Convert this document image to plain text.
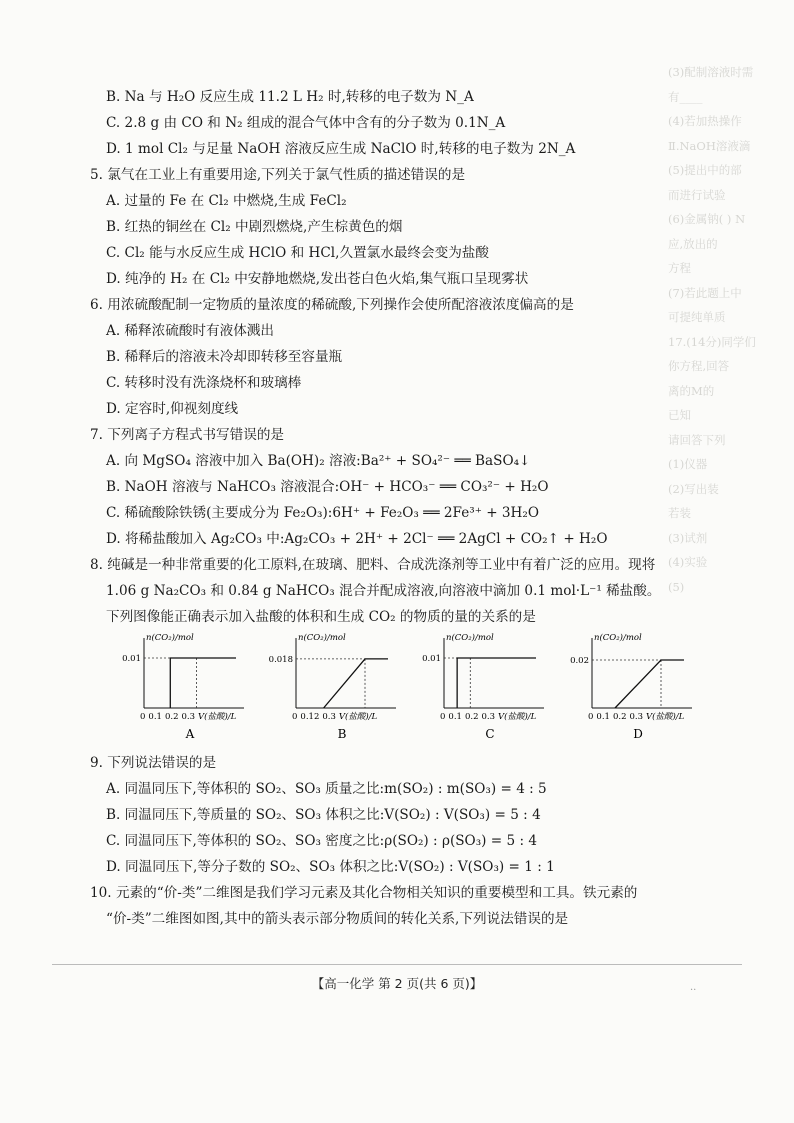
(3)配制溶液时需
有____
(4)若加热操作
Ⅱ.NaOH溶液滴
(5)提出中的部
而进行试验
(6)金属钠( ) N
应,放出的
方程
(7)若此题上中
可提纯单质
17.(14分)同学们
你方程,回答
离的M的
已知
请回答下列
(1)仪器
(2)写出装
若装
(3)试剂
(4)实验
(5)
B. Na 与 H₂O 反应生成 11.2 L H₂ 时,转移的电子数为 N_A
C. 2.8 g 由 CO 和 N₂ 组成的混合气体中含有的分子数为 0.1N_A
D. 1 mol Cl₂ 与足量 NaOH 溶液反应生成 NaClO 时,转移的电子数为 2N_A
5. 氯气在工业上有重要用途,下列关于氯气性质的描述错误的是
A. 过量的 Fe 在 Cl₂ 中燃烧,生成 FeCl₂
B. 红热的铜丝在 Cl₂ 中剧烈燃烧,产生棕黄色的烟
C. Cl₂ 能与水反应生成 HClO 和 HCl,久置氯水最终会变为盐酸
D. 纯净的 H₂ 在 Cl₂ 中安静地燃烧,发出苍白色火焰,集气瓶口呈现雾状
6. 用浓硫酸配制一定物质的量浓度的稀硫酸,下列操作会使所配溶液浓度偏高的是
A. 稀释浓硫酸时有液体溅出
B. 稀释后的溶液未冷却即转移至容量瓶
C. 转移时没有洗涤烧杯和玻璃棒
D. 定容时,仰视刻度线
7. 下列离子方程式书写错误的是
A. 向 MgSO₄ 溶液中加入 Ba(OH)₂ 溶液:Ba²⁺ + SO₄²⁻ ══ BaSO₄↓
B. NaOH 溶液与 NaHCO₃ 溶液混合:OH⁻ + HCO₃⁻ ══ CO₃²⁻ + H₂O
C. 稀硫酸除铁锈(主要成分为 Fe₂O₃):6H⁺ + Fe₂O₃ ══ 2Fe³⁺ + 3H₂O
D. 将稀盐酸加入 Ag₂CO₃ 中:Ag₂CO₃ + 2H⁺ + 2Cl⁻ ══ 2AgCl + CO₂↑ + H₂O
8. 纯碱是一种非常重要的化工原料,在玻璃、肥料、合成洗涤剂等工业中有着广泛的应用。现将
1.06 g Na₂CO₃ 和 0.84 g NaHCO₃ 混合并配成溶液,向溶液中滴加 0.1 mol·L⁻¹ 稀盐酸。
下列图像能正确表示加入盐酸的体积和生成 CO₂ 的物质的量的关系的是
n(CO₂)/mol
0.01
0 0.1 0.2 0.3 V(盐酸)/L
A
n(CO₂)/mol
0.018
0 0.12 0.3 V(盐酸)/L
B
n(CO₂)/mol
0.01
0 0.1 0.2 0.3 V(盐酸)/L
C
n(CO₂)/mol
0.02
0 0.1 0.2 0.3 V(盐酸)/L
D
9. 下列说法错误的是
A. 同温同压下,等体积的 SO₂、SO₃ 质量之比:m(SO₂) : m(SO₃) = 4 : 5
B. 同温同压下,等质量的 SO₂、SO₃ 体积之比:V(SO₂) : V(SO₃) = 5 : 4
C. 同温同压下,等体积的 SO₂、SO₃ 密度之比:ρ(SO₂) : ρ(SO₃) = 5 : 4
D. 同温同压下,等分子数的 SO₂、SO₃ 体积之比:V(SO₂) : V(SO₃) = 1 : 1
10. 元素的“价-类”二维图是我们学习元素及其化合物相关知识的重要模型和工具。铁元素的
“价-类”二维图如图,其中的箭头表示部分物质间的转化关系,下列说法错误的是
【高一化学 第 2 页(共 6 页)】	..
